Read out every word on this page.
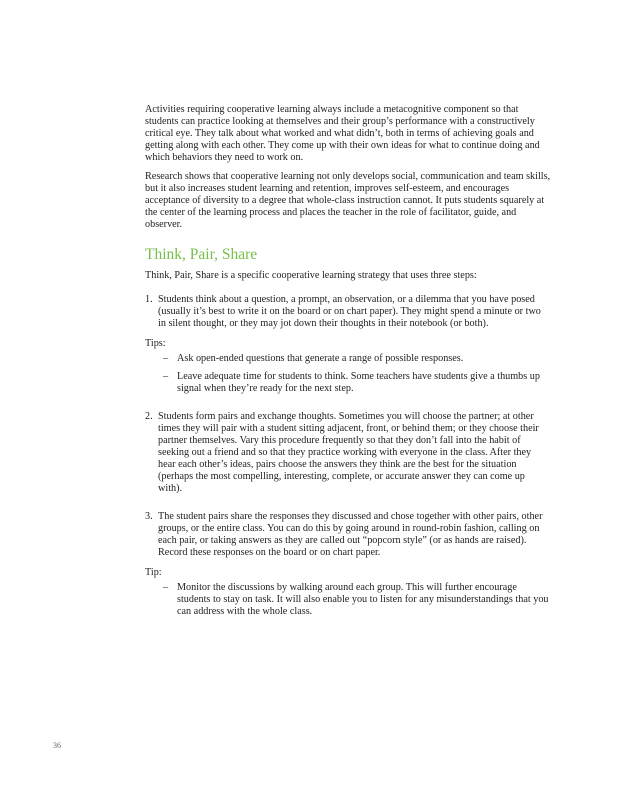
Activities requiring cooperative learning always include a metacognitive component so that students can practice looking at themselves and their group’s performance with a constructively critical eye. They talk about what worked and what didn’t, both in terms of achieving goals and getting along with each other. They come up with their own ideas for what to continue doing and which behaviors they need to work on.

Research shows that cooperative learning not only develops social, communication and team skills, but it also increases student learning and retention, improves self-esteem, and encourages acceptance of diversity to a degree that whole-class instruction cannot. It puts students squarely at the center of the learning process and places the teacher in the role of facilitator, guide, and observer.

Think, Pair, Share

Think, Pair, Share is a specific cooperative learning strategy that uses three steps:

1. Students think about a question, a prompt, an observation, or a dilemma that you have posed (usually it’s best to write it on the board or on chart paper). They might spend a minute or two in silent thought, or they may jot down their thoughts in their notebook (or both).
Tips:
– Ask open-ended questions that generate a range of possible responses.
– Leave adequate time for students to think. Some teachers have students give a thumbs up signal when they’re ready for the next step.
2. Students form pairs and exchange thoughts. Sometimes you will choose the partner; at other times they will pair with a student sitting adjacent, front, or behind them; or they choose their partner themselves. Vary this procedure frequently so that they don’t fall into the habit of seeking out a friend and so that they practice working with everyone in the class. After they hear each other’s ideas, pairs choose the answers they think are the best for the situation (perhaps the most compelling, interesting, complete, or accurate answer they can come up with).
3. The student pairs share the responses they discussed and chose together with other pairs, other groups, or the entire class. You can do this by going around in round-robin fashion, calling on each pair, or taking answers as they are called out “popcorn style” (or as hands are raised). Record these responses on the board or on chart paper.
Tip:
– Monitor the discussions by walking around each group. This will further encourage students to stay on task. It will also enable you to listen for any misunderstandings that you can address with the whole class.
36
